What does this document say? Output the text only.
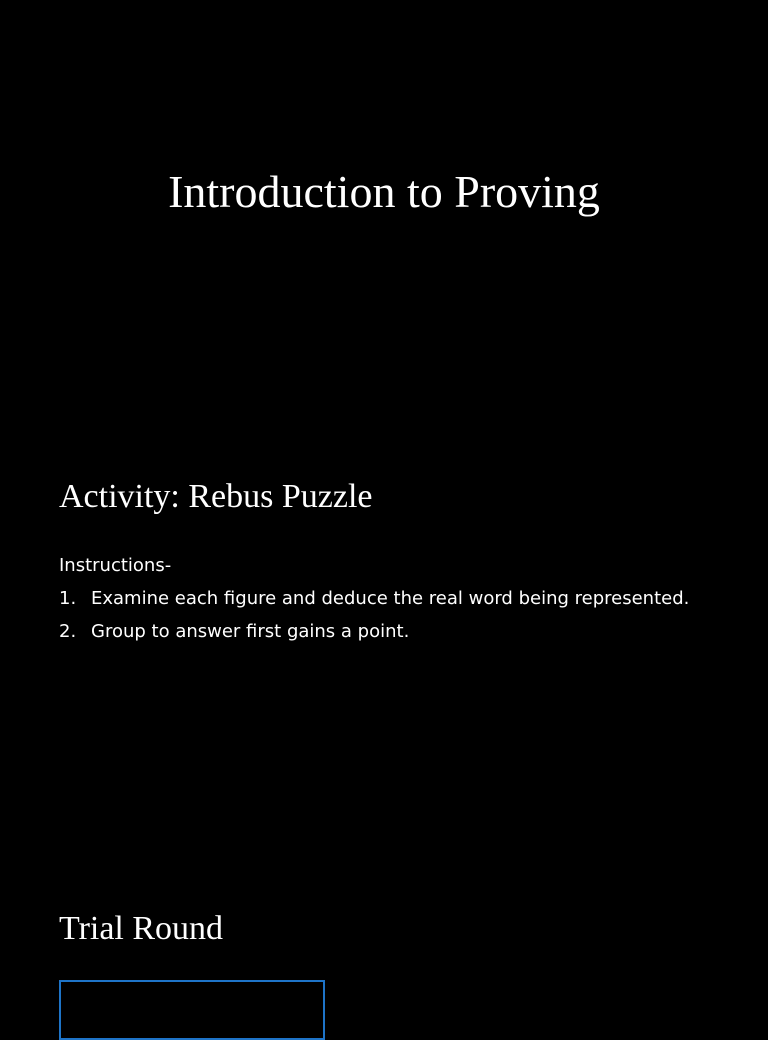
Introduction to Proving
Activity: Rebus Puzzle
Instructions-
1. Examine each figure and deduce the real word being represented.
2. Group to answer first gains a point.
Trial Round
